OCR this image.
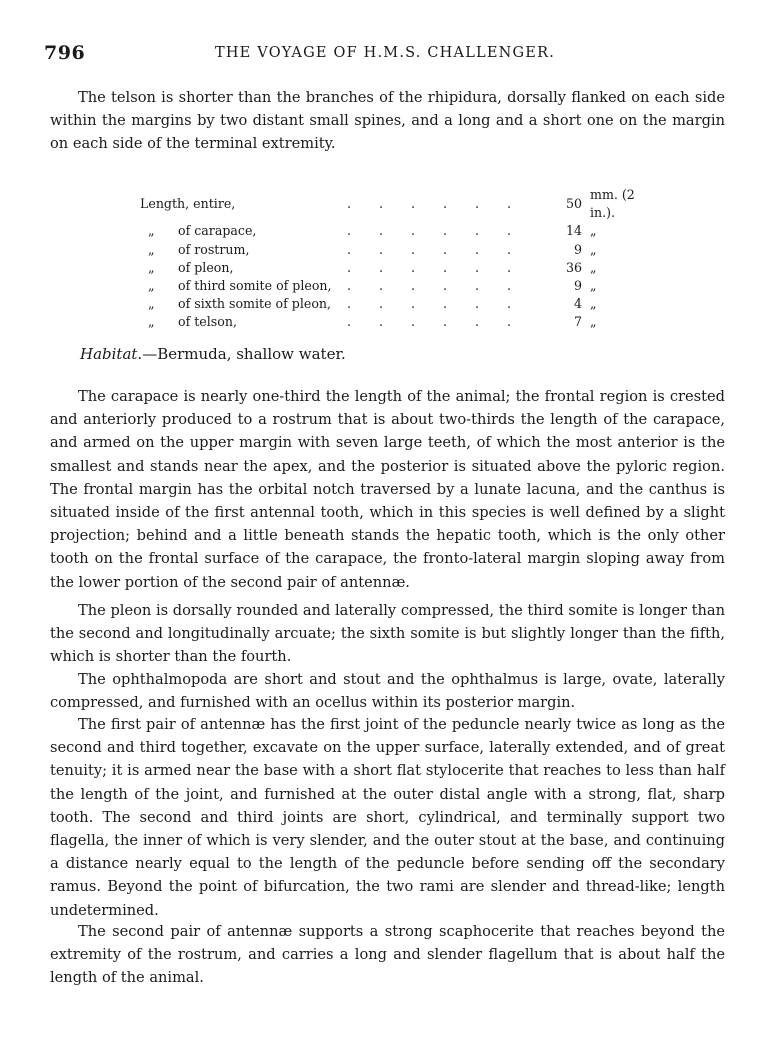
796	THE VOYAGE OF H.M.S. CHALLENGER.

The telson is shorter than the branches of the rhipidura, dorsally flanked on each side within the margins by two distant small spines, and a long and a short one on the margin on each side of the terminal extremity.

Length, entire,		. . . . . .	50	mm. (2 in.).
„	of carapace,	. . . . . .	14	„
„	of rostrum,	. . . . . .	9	„
„	of pleon,	. . . . . .	36	„
„	of third somite of pleon,	. . . . . .	9	„
„	of sixth somite of pleon,	. . . . . .	4	„
„	of telson,	. . . . . .	7	„

Habitat.—Bermuda, shallow water.

The carapace is nearly one-third the length of the animal; the frontal region is crested and anteriorly produced to a rostrum that is about two-thirds the length of the carapace, and armed on the upper margin with seven large teeth, of which the most anterior is the smallest and stands near the apex, and the posterior is situated above the pyloric region. The frontal margin has the orbital notch traversed by a lunate lacuna, and the canthus is situated inside of the first antennal tooth, which in this species is well defined by a slight projection; behind and a little beneath stands the hepatic tooth, which is the only other tooth on the frontal surface of the carapace, the fronto-lateral margin sloping away from the lower portion of the second pair of antennæ.

The pleon is dorsally rounded and laterally compressed, the third somite is longer than the second and longitudinally arcuate; the sixth somite is but slightly longer than the fifth, which is shorter than the fourth.

The ophthalmopoda are short and stout and the ophthalmus is large, ovate, laterally compressed, and furnished with an ocellus within its posterior margin.

The first pair of antennæ has the first joint of the peduncle nearly twice as long as the second and third together, excavate on the upper surface, laterally extended, and of great tenuity; it is armed near the base with a short flat stylocerite that reaches to less than half the length of the joint, and furnished at the outer distal angle with a strong, flat, sharp tooth. The second and third joints are short, cylindrical, and terminally support two flagella, the inner of which is very slender, and the outer stout at the base, and continuing a distance nearly equal to the length of the peduncle before sending off the secondary ramus. Beyond the point of bifurcation, the two rami are slender and thread-like; length undetermined.

The second pair of antennæ supports a strong scaphocerite that reaches beyond the extremity of the rostrum, and carries a long and slender flagellum that is about half the length of the animal.
